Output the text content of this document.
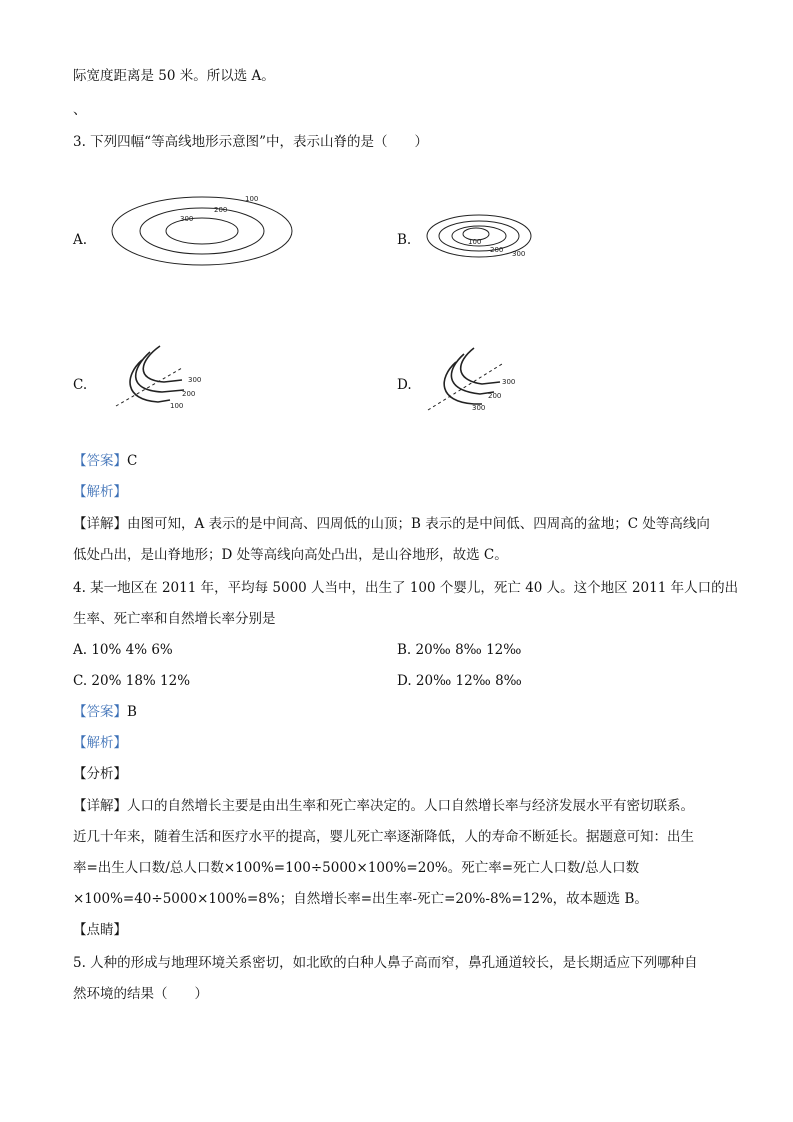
际宽度距离是 50 米。所以选 A。
、
3. 下列四幅“等高线地形示意图”中，表示山脊的是（　　）
A.
100
200
300
B.	100
200 300
C.	300
200
100
D.	300
200
300
【答案】C
【解析】
【详解】由图可知，A 表示的是中间高、四周低的山顶；B 表示的是中间低、四周高的盆地；C 处等高线向
低处凸出，是山脊地形；D 处等高线向高处凸出，是山谷地形，故选 C。
4. 某一地区在 2011 年，平均每 5000 人当中，出生了 100 个婴儿，死亡 40 人。这个地区 2011 年人口的出
生率、死亡率和自然增长率分别是
A. 10% 4% 6%	B. 20‰ 8‰ 12‰
C. 20% 18% 12%	D. 20‰ 12‰ 8‰
【答案】B
【解析】
【分析】
【详解】人口的自然增长主要是由出生率和死亡率决定的。人口自然增长率与经济发展水平有密切联系。
近几十年来，随着生活和医疗水平的提高，婴儿死亡率逐渐降低，人的寿命不断延长。据题意可知：出生
率=出生人口数/总人口数×100%=100÷5000×100%=20%。死亡率=死亡人口数/总人口数
×100%=40÷5000×100%=8%；自然增长率=出生率-死亡=20%-8%=12%，故本题选 B。
【点睛】
5. 人种的形成与地理环境关系密切，如北欧的白种人鼻子高而窄，鼻孔通道较长，是长期适应下列哪种自
然环境的结果（　　）
